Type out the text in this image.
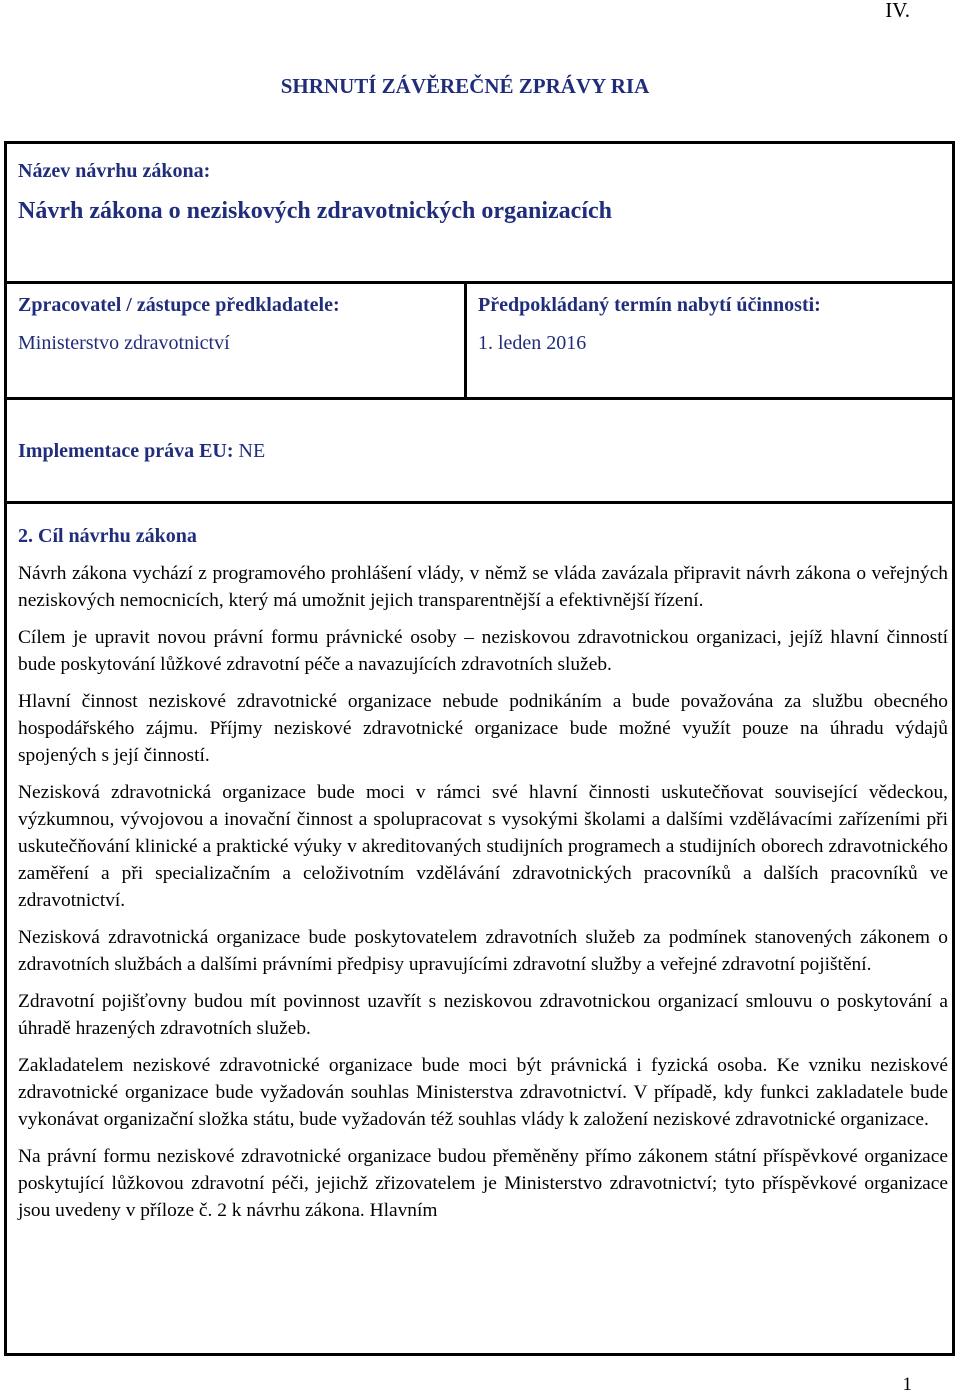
IV.
SHRNUTÍ ZÁVĚREČNÉ ZPRÁVY RIA
Název návrhu zákona:
Návrh zákona o neziskových zdravotnických organizacích
Zpracovatel / zástupce předkladatele:
Ministerstvo zdravotnictví
Předpokládaný termín nabytí účinnosti:
1. leden 2016
Implementace práva EU: NE
2. Cíl návrhu zákona

Návrh zákona vychází z programového prohlášení vlády, v němž se vláda zavázala připravit návrh zákona o veřejných neziskových nemocnicích, který má umožnit jejich transparentnější a efektivnější řízení.

Cílem je upravit novou právní formu právnické osoby – neziskovou zdravotnickou organizaci, jejíž hlavní činností bude poskytování lůžkové zdravotní péče a navazujících zdravotních služeb.

Hlavní činnost neziskové zdravotnické organizace nebude podnikáním a bude považována za službu obecného hospodářského zájmu. Příjmy neziskové zdravotnické organizace bude možné využít pouze na úhradu výdajů spojených s její činností.

Nezisková zdravotnická organizace bude moci v rámci své hlavní činnosti uskutečňovat související vědeckou, výzkumnou, vývojovou a inovační činnost a spolupracovat s vysokými školami a dalšími vzdělávacími zařízeními při uskutečňování klinické a praktické výuky v akreditovaných studijních programech a studijních oborech zdravotnického zaměření a při specializačním a celoživotním vzdělávání zdravotnických pracovníků a dalších pracovníků ve zdravotnictví.

Nezisková zdravotnická organizace bude poskytovatelem zdravotních služeb za podmínek stanovených zákonem o zdravotních službách a dalšími právními předpisy upravujícími zdravotní služby a veřejné zdravotní pojištění.

Zdravotní pojišťovny budou mít povinnost uzavřít s neziskovou zdravotnickou organizací smlouvu o poskytování a úhradě hrazených zdravotních služeb.

Zakladatelem neziskové zdravotnické organizace bude moci být právnická i fyzická osoba. Ke vzniku neziskové zdravotnické organizace bude vyžadován souhlas Ministerstva zdravotnictví. V případě, kdy funkci zakladatele bude vykonávat organizační složka státu, bude vyžadován též souhlas vlády k založení neziskové zdravotnické organizace.

Na právní formu neziskové zdravotnické organizace budou přeměněny přímo zákonem státní příspěvkové organizace poskytující lůžkovou zdravotní péči, jejichž zřizovatelem je Ministerstvo zdravotnictví; tyto příspěvkové organizace jsou uvedeny v příloze č. 2 k návrhu zákona. Hlavním

1
